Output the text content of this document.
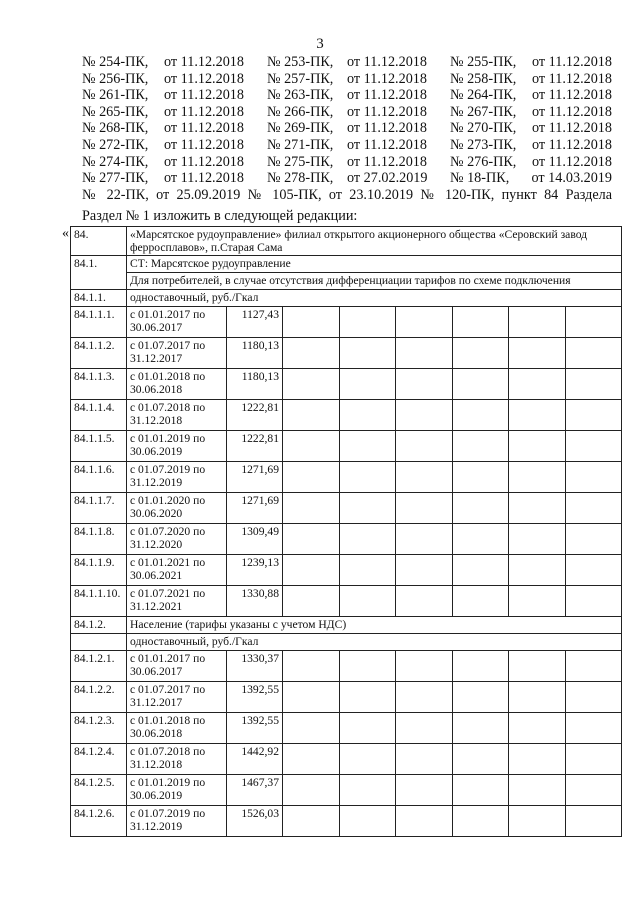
3
№ 254-ПК,	от 11.12.2018	№ 253-ПК, от 11.12.2018	№ 255-ПК,	от 11.12.2018
№ 256-ПК,	от 11.12.2018	№ 257-ПК, от 11.12.2018	№ 258-ПК,	от 11.12.2018
№ 261-ПК,	от 11.12.2018	№ 263-ПК, от 11.12.2018	№ 264-ПК,	от 11.12.2018
№ 265-ПК,	от 11.12.2018	№ 266-ПК, от 11.12.2018	№ 267-ПК,	от 11.12.2018
№ 268-ПК,	от 11.12.2018	№ 269-ПК, от 11.12.2018	№ 270-ПК,	от 11.12.2018
№ 272-ПК,	от 11.12.2018	№ 271-ПК, от 11.12.2018	№ 273-ПК,	от 11.12.2018
№ 274-ПК,	от 11.12.2018	№ 275-ПК, от 11.12.2018	№ 276-ПК,	от 11.12.2018
№ 277-ПК,	от 11.12.2018	№ 278-ПК, от 27.02.2019	№ 18-ПК,	от 14.03.2019
№ 22-ПК, от 25.09.2019 № 105-ПК, от 23.10.2019 № 120-ПК, пункт 84 Раздела
Раздел № 1 изложить в следующей редакции:
« 84.	«Марсятское рудоуправление» филиал открытого акционерного общества «Серовский завод ферросплавов», п.Старая Сама							
84.1.	СТ: Марсятское рудоуправление							
	Для потребителей, в случае отсутствия дифференциации тарифов по схеме подключения							
84.1.1.	одноставочный, руб./Гкал							
84.1.1.1.	с 01.01.2017 по 30.06.2017	1127,43						
84.1.1.2.	с 01.07.2017 по 31.12.2017	1180,13						
84.1.1.3.	с 01.01.2018 по 30.06.2018	1180,13						
84.1.1.4.	с 01.07.2018 по 31.12.2018	1222,81						
84.1.1.5.	с 01.01.2019 по 30.06.2019	1222,81						
84.1.1.6.	с 01.07.2019 по 31.12.2019	1271,69						
84.1.1.7.	с 01.01.2020 по 30.06.2020	1271,69						
84.1.1.8.	с 01.07.2020 по 31.12.2020	1309,49						
84.1.1.9.	с 01.01.2021 по 30.06.2021	1239,13						
84.1.1.10.	с 01.07.2021 по 31.12.2021	1330,88						
84.1.2.	Население (тарифы указаны с учетом НДС)							
	одноставочный, руб./Гкал							
84.1.2.1.	с 01.01.2017 по 30.06.2017	1330,37						
84.1.2.2.	с 01.07.2017 по 31.12.2017	1392,55						
84.1.2.3.	с 01.01.2018 по 30.06.2018	1392,55						
84.1.2.4.	с 01.07.2018 по 31.12.2018	1442,92						
84.1.2.5.	с 01.01.2019 по 30.06.2019	1467,37						
84.1.2.6.	с 01.07.2019 по 31.12.2019	1526,03						
